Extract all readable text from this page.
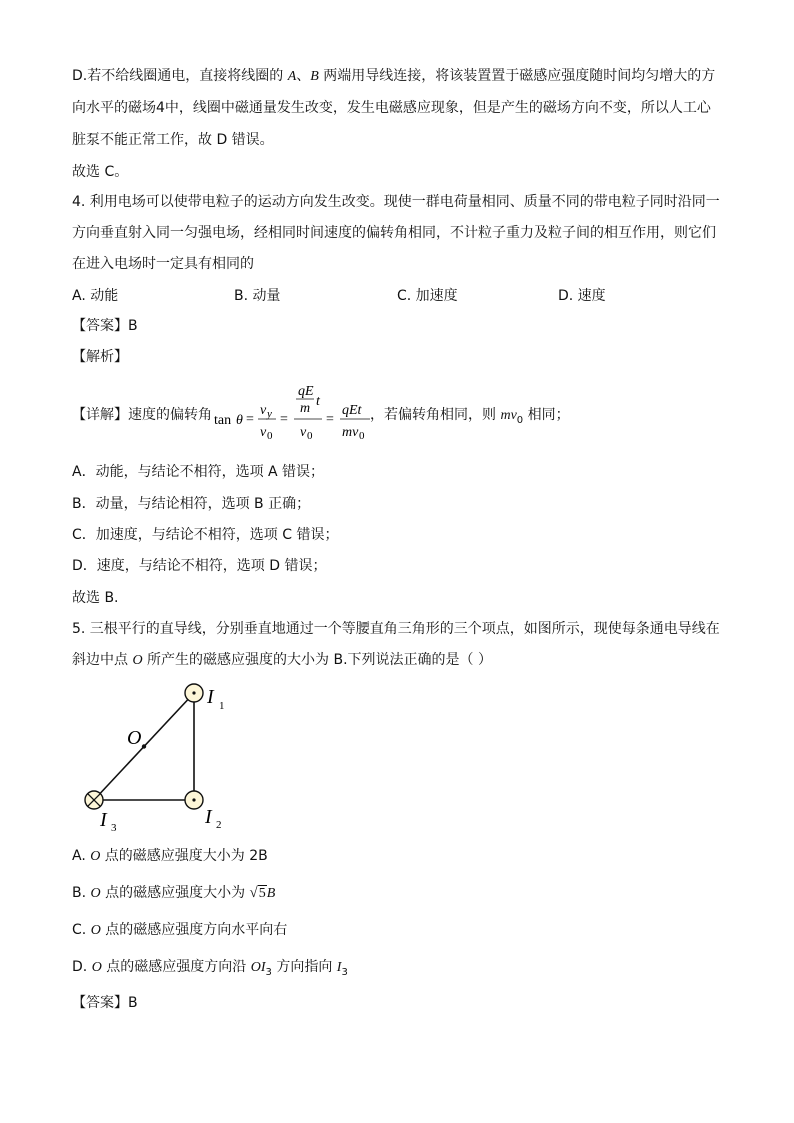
D.若不给线圈通电，直接将线圈的 A、B 两端用导线连接，将该装置置于磁感应强度随时间均匀增大的方
向水平的磁场4中，线圈中磁通量发生改变，发生电磁感应现象，但是产生的磁场方向不变，所以人工心
脏泵不能正常工作，故 D 错误。
故选 C。
4. 利用电场可以使带电粒子的运动方向发生改变。现使一群电荷量相同、质量不同的带电粒子同时沿同一
方向垂直射入同一匀强电场，经相同时间速度的偏转角相同，不计粒子重力及粒子间的相互作用，则它们
在进入电场时一定具有相同的
A. 动能	B. 动量	C. 加速度	D. 速度
【答案】B
【解析】
【详解】速度的偏转角 tan θ =
v y
v 0
=
qE
m t
v 0
=
qEt
mv 0
，若偏转角相同，则 $mv_0$ 相同；
A．动能，与结论不相符，选项 A 错误；
B．动量，与结论相符，选项 B 正确；
C．加速度，与结论不相符，选项 C 错误；
D．速度，与结论不相符，选项 D 错误；
故选 B.
5. 三根平行的直导线，分别垂直地通过一个等腰直角三角形的三个项点，如图所示，现使每条通电导线在
斜边中点 O 所产生的磁感应强度的大小为 B.下列说法正确的是（ ）
O
I 1
I 2
I 3
A. O 点的磁感应强度大小为 2B
B. O 点的磁感应强度大小为 √5B
C. O 点的磁感应强度方向水平向右
D. O 点的磁感应强度方向沿 $OI_3$ 方向指向 $I_3$
【答案】B
